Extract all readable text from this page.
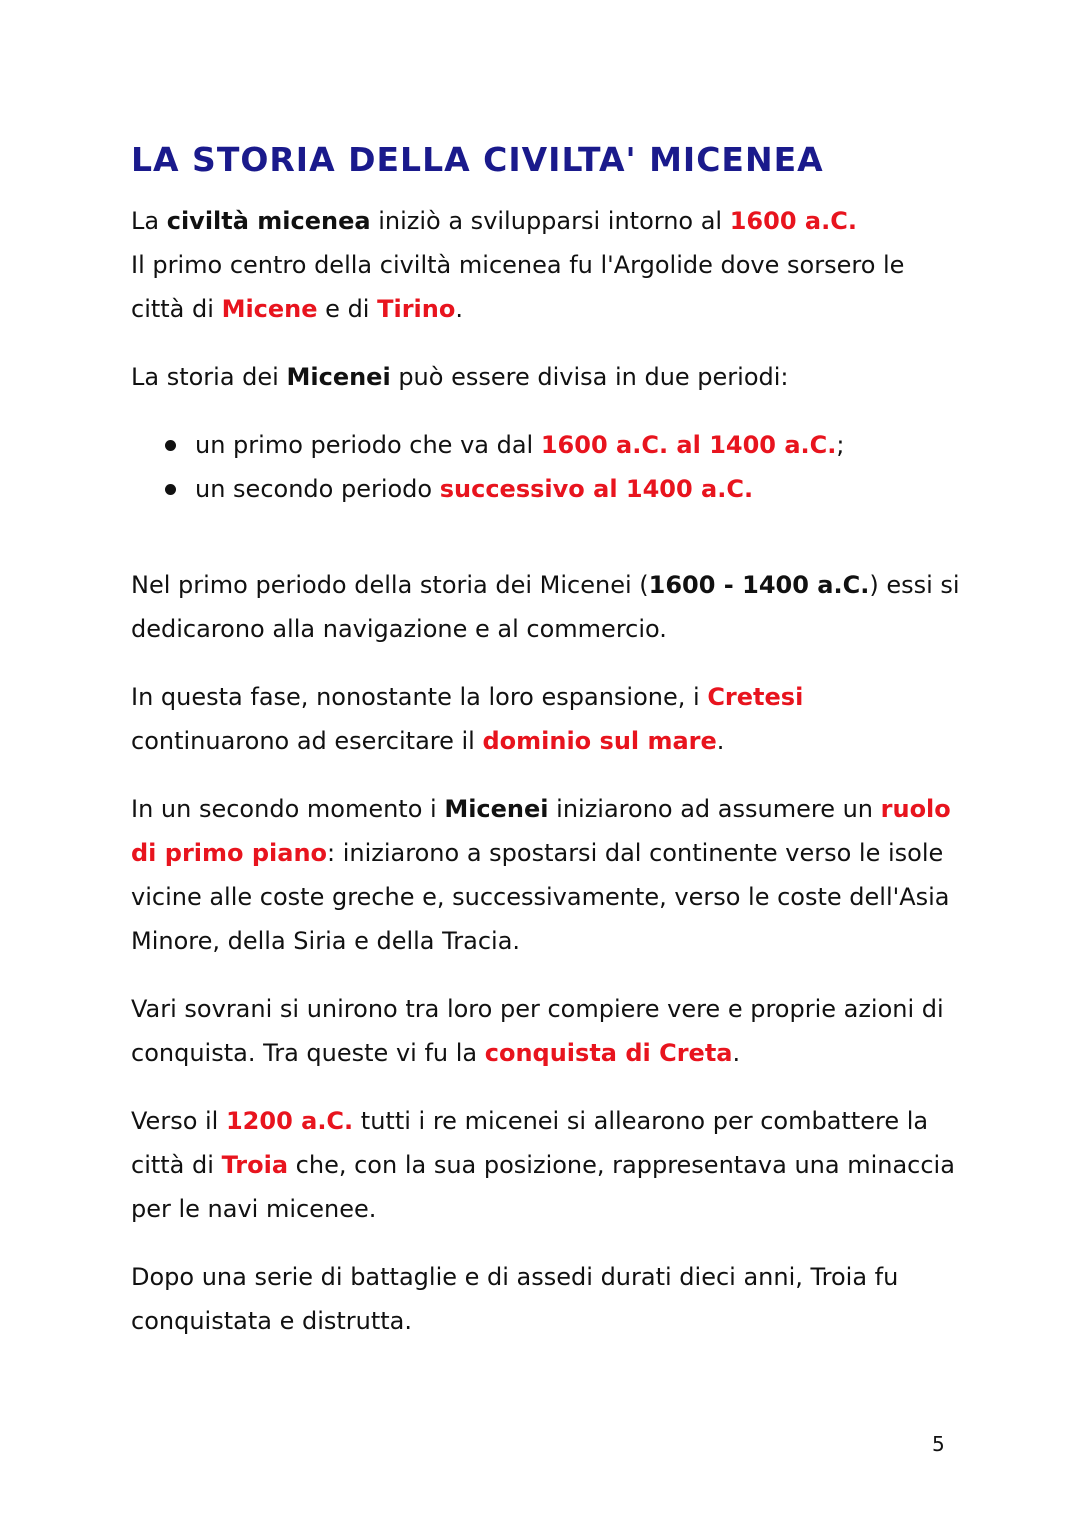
LA STORIA DELLA CIVILTA' MICENEA

La civiltà micenea iniziò a svilupparsi intorno al 1600 a.C.
Il primo centro della civiltà micenea fu l'Argolide dove sorsero le città di Micene e di Tirino.

La storia dei Micenei può essere divisa in due periodi:

un primo periodo che va dal 1600 a.C. al 1400 a.C.;
un secondo periodo successivo al 1400 a.C.

Nel primo periodo della storia dei Micenei (1600 - 1400 a.C.) essi si dedicarono alla navigazione e al commercio.

In questa fase, nonostante la loro espansione, i Cretesi
continuarono ad esercitare il dominio sul mare.

In un secondo momento i Micenei iniziarono ad assumere un ruolo di primo piano: iniziarono a spostarsi dal continente verso le isole vicine alle coste greche e, successivamente, verso le coste dell'Asia Minore, della Siria e della Tracia.

Vari sovrani si unirono tra loro per compiere vere e proprie azioni di conquista. Tra queste vi fu la conquista di Creta.

Verso il 1200 a.C. tutti i re micenei si allearono per combattere la città di Troia che, con la sua posizione, rappresentava una minaccia per le navi micenee.

Dopo una serie di battaglie e di assedi durati dieci anni, Troia fu conquistata e distrutta.

5
